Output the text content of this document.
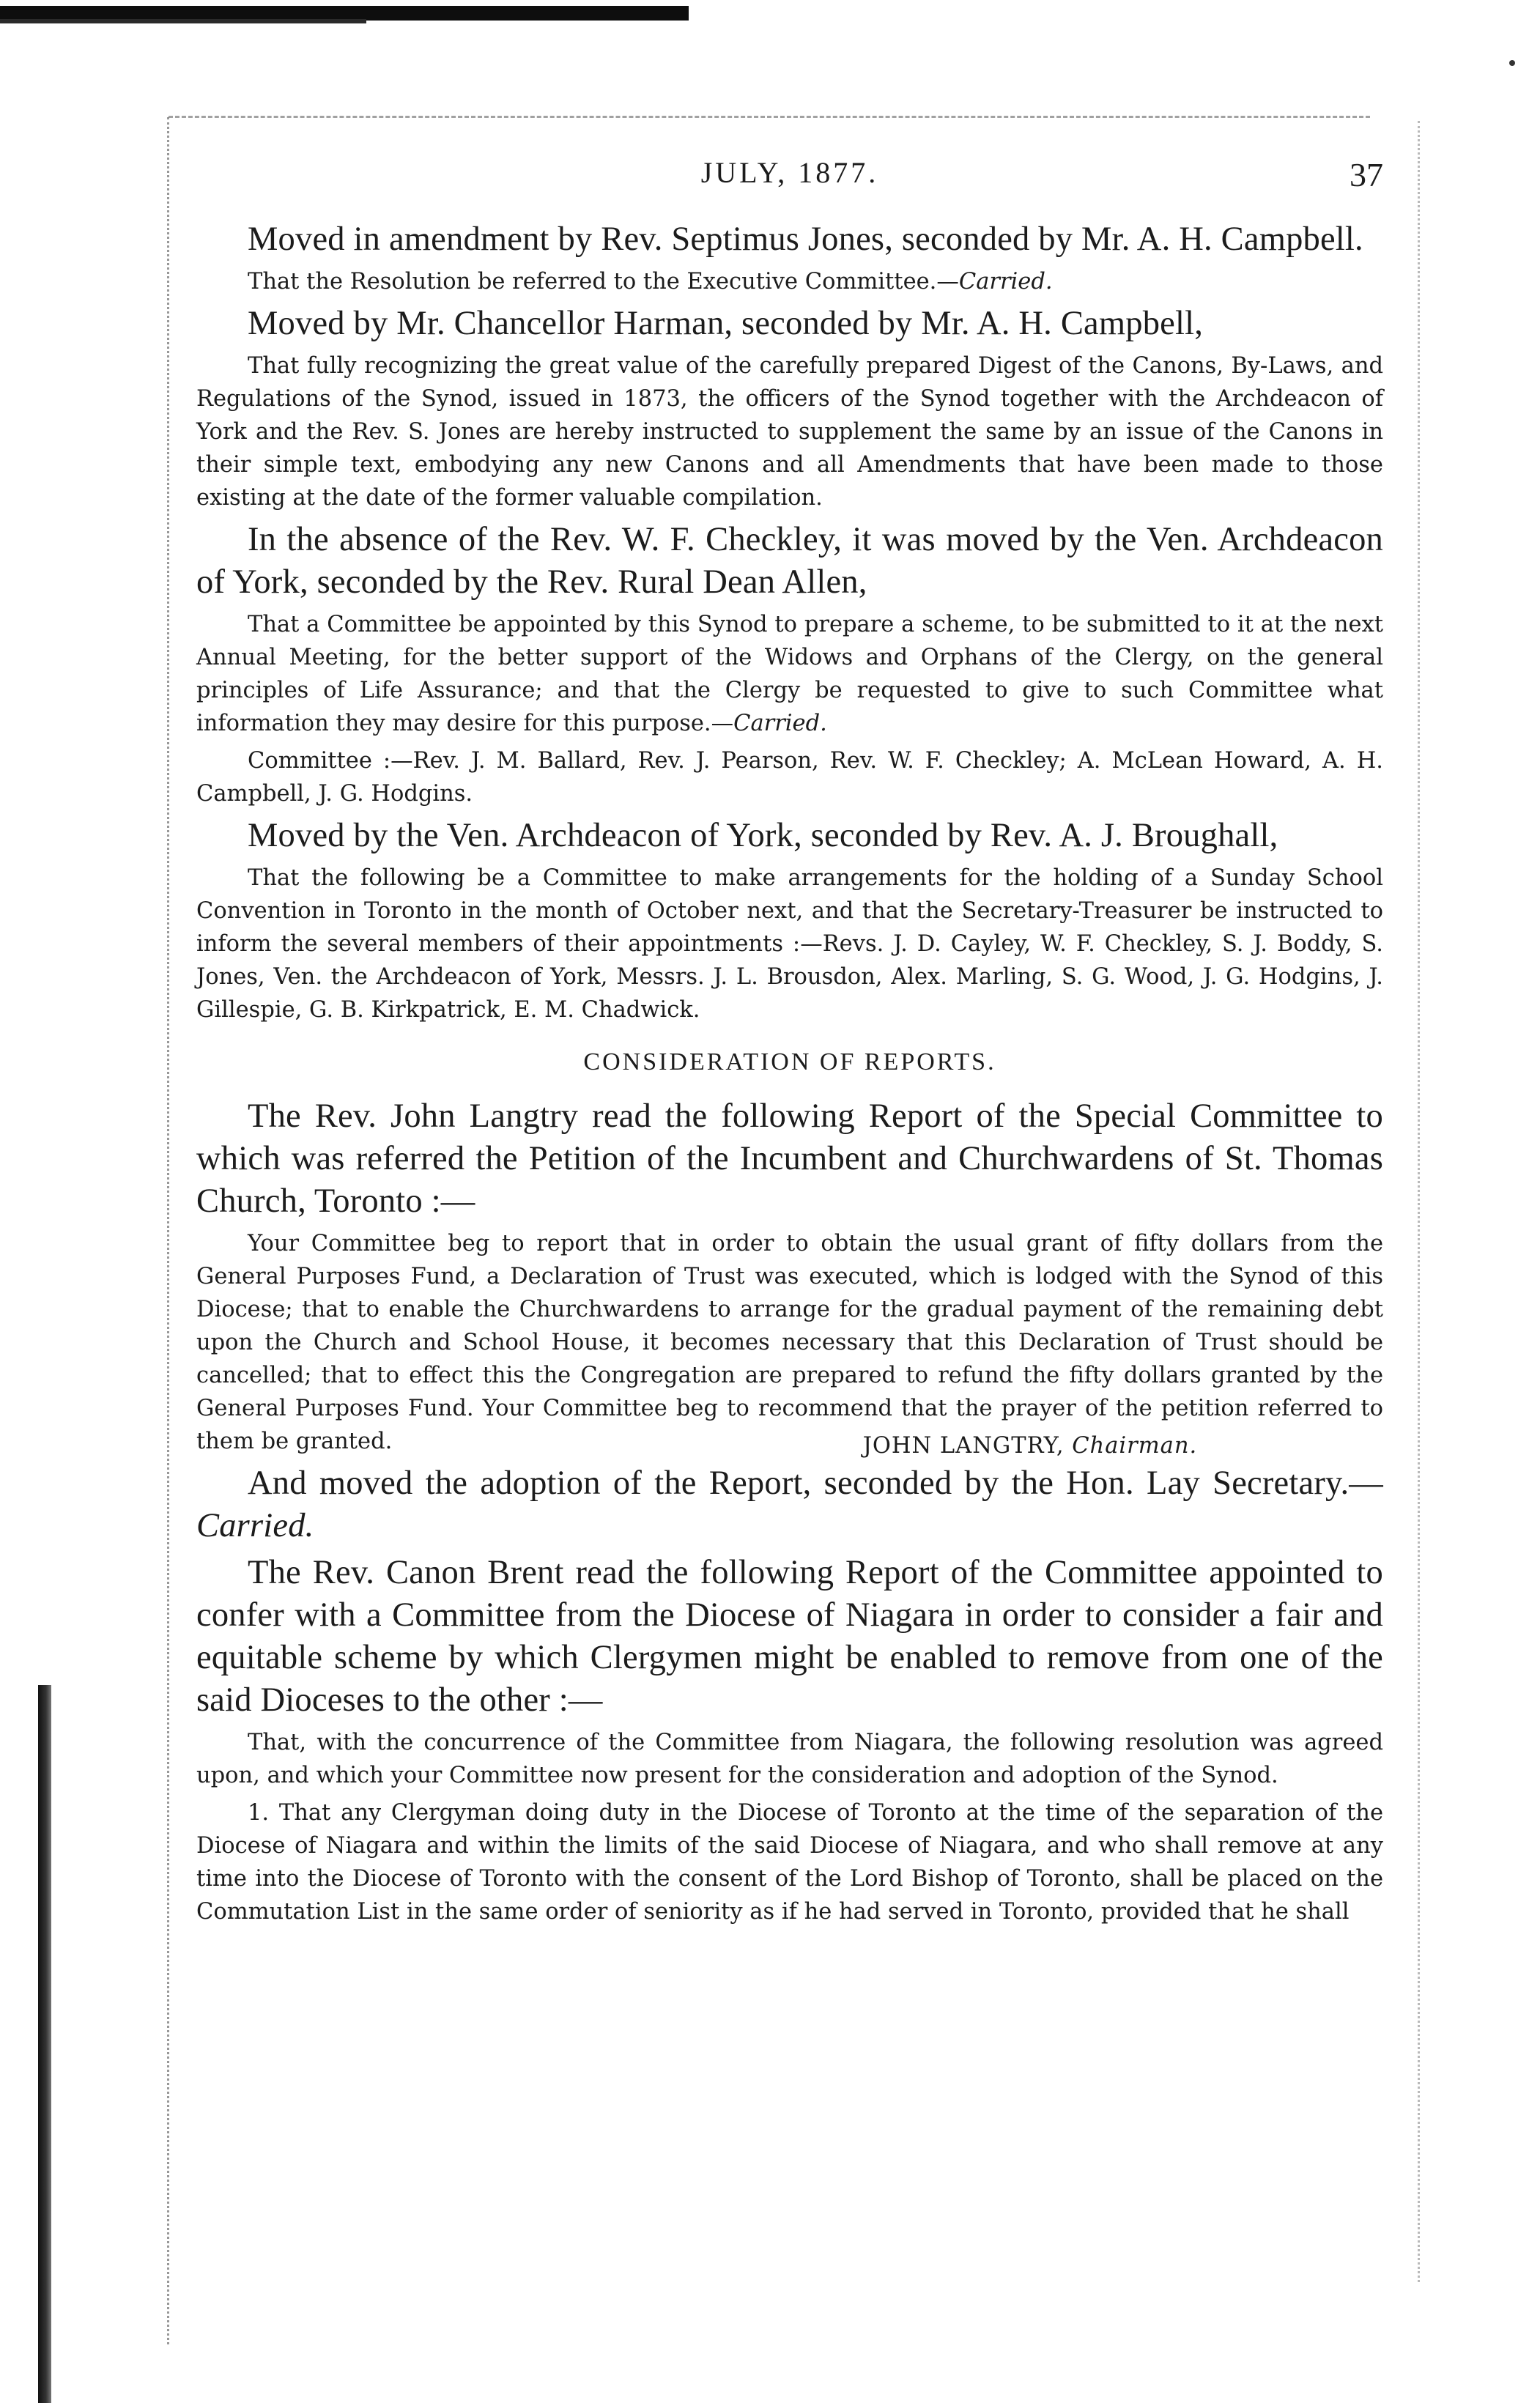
JULY, 1877.	37

Moved in amendment by Rev. Septimus Jones, seconded by Mr. A. H. Campbell.

That the Resolution be referred to the Executive Committee.—Carried.

Moved by Mr. Chancellor Harman, seconded by Mr. A. H. Campbell,

That fully recognizing the great value of the carefully prepared Digest of the Canons, By-Laws, and Regulations of the Synod, issued in 1873, the officers of the Synod together with the Archdeacon of York and the Rev. S. Jones are hereby instructed to supplement the same by an issue of the Canons in their simple text, embodying any new Canons and all Amendments that have been made to those existing at the date of the former valuable compilation.

In the absence of the Rev. W. F. Checkley, it was moved by the Ven. Archdeacon of York, seconded by the Rev. Rural Dean Allen,

That a Committee be appointed by this Synod to prepare a scheme, to be submitted to it at the next Annual Meeting, for the better support of the Widows and Orphans of the Clergy, on the general principles of Life Assurance; and that the Clergy be requested to give to such Committee what information they may desire for this purpose.—Carried.

Committee :—Rev. J. M. Ballard, Rev. J. Pearson, Rev. W. F. Checkley; A. McLean Howard, A. H. Campbell, J. G. Hodgins.

Moved by the Ven. Archdeacon of York, seconded by Rev. A. J. Broughall,

That the following be a Committee to make arrangements for the holding of a Sunday School Convention in Toronto in the month of October next, and that the Secretary-Treasurer be instructed to inform the several members of their appointments :—Revs. J. D. Cayley, W. F. Checkley, S. J. Boddy, S. Jones, Ven. the Archdeacon of York, Messrs. J. L. Brousdon, Alex. Marling, S. G. Wood, J. G. Hodgins, J. Gillespie, G. B. Kirkpatrick, E. M. Chadwick.

CONSIDERATION OF REPORTS.

The Rev. John Langtry read the following Report of the Special Committee to which was referred the Petition of the Incumbent and Churchwardens of St. Thomas Church, Toronto :—

Your Committee beg to report that in order to obtain the usual grant of fifty dollars from the General Purposes Fund, a Declaration of Trust was executed, which is lodged with the Synod of this Diocese; that to enable the Churchwardens to arrange for the gradual payment of the remaining debt upon the Church and School House, it becomes necessary that this Declaration of Trust should be cancelled; that to effect this the Congregation are prepared to refund the fifty dollars granted by the General Purposes Fund. Your Committee beg to recommend that the prayer of the petition referred to them be granted.

	JOHN LANGTRY, Chairman.

And moved the adoption of the Report, seconded by the Hon. Lay Secretary.—Carried.

The Rev. Canon Brent read the following Report of the Committee appointed to confer with a Committee from the Diocese of Niagara in order to consider a fair and equitable scheme by which Clergymen might be enabled to remove from one of the said Dioceses to the other :—

That, with the concurrence of the Committee from Niagara, the following resolution was agreed upon, and which your Committee now present for the consideration and adoption of the Synod.

1. That any Clergyman doing duty in the Diocese of Toronto at the time of the separation of the Diocese of Niagara and within the limits of the said Diocese of Niagara, and who shall remove at any time into the Diocese of Toronto with the consent of the Lord Bishop of Toronto, shall be placed on the Commutation List in the same order of seniority as if he had served in Toronto, provided that he shall
